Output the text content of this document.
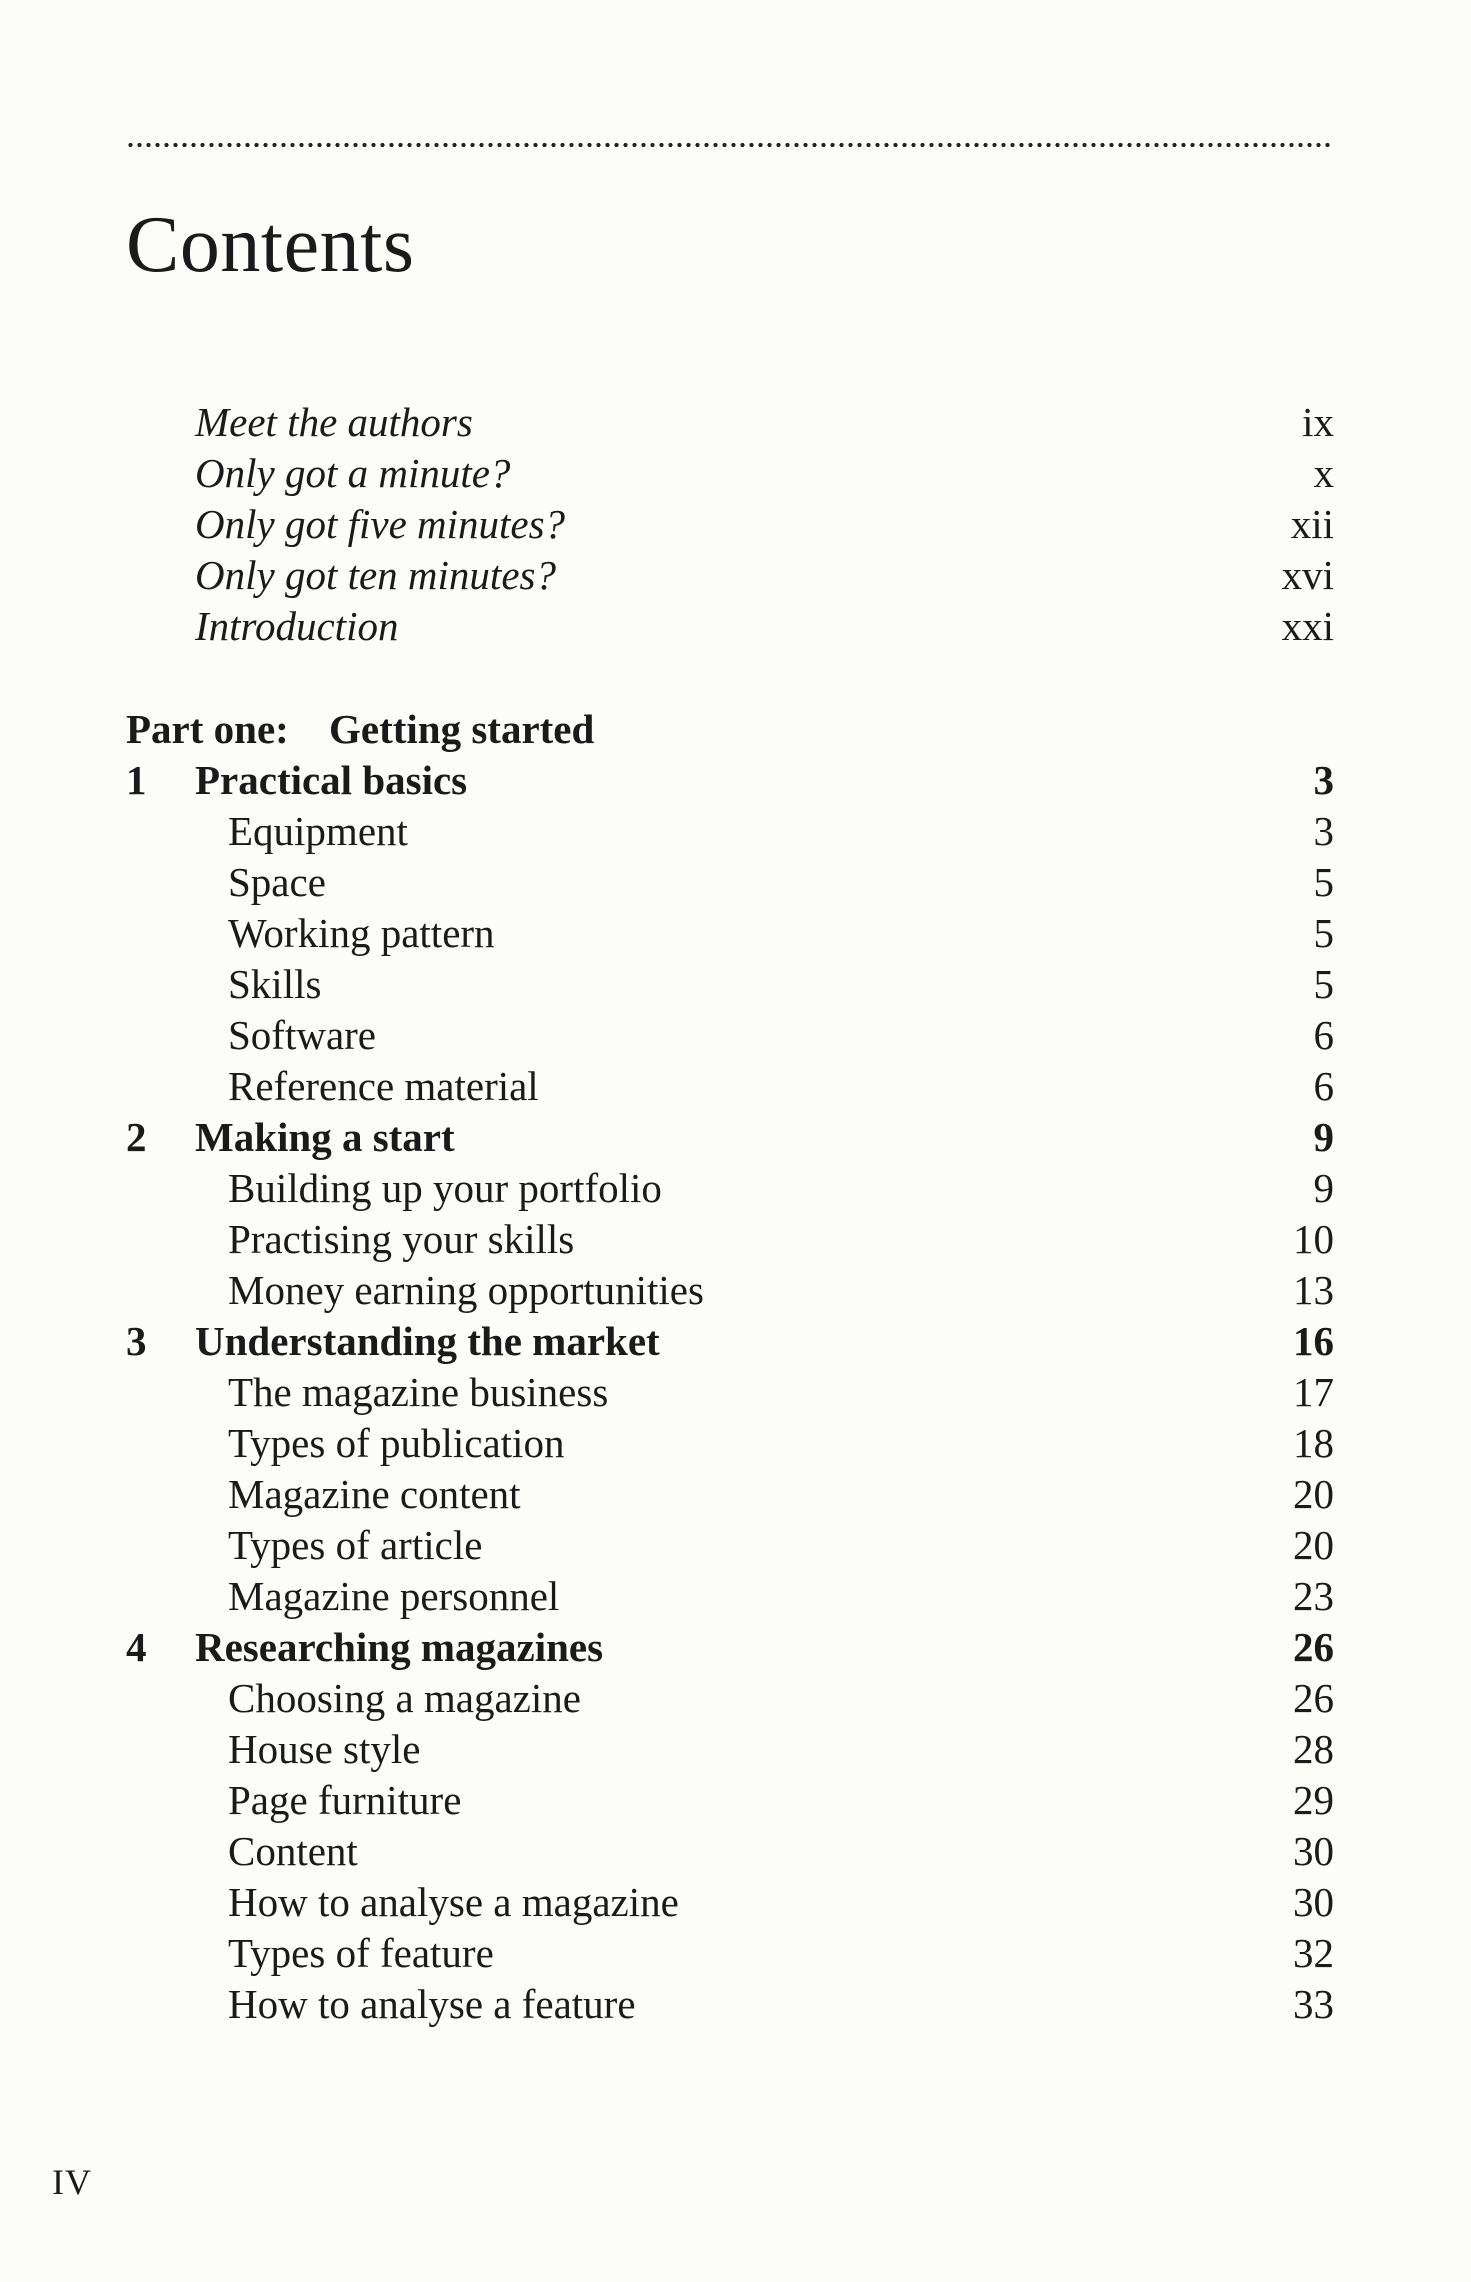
Contents
Meet the authors	ix
Only got a minute?	x
Only got five minutes?	xii
Only got ten minutes?	xvi
Introduction	xxi
Part one: Getting started
1 Practical basics	3
Equipment	3
Space	5
Working pattern	5
Skills	5
Software	6
Reference material	6
2 Making a start	9
Building up your portfolio	9
Practising your skills	10
Money earning opportunities	13
3 Understanding the market	16
The magazine business	17
Types of publication	18
Magazine content	20
Types of article	20
Magazine personnel	23
4 Researching magazines	26
Choosing a magazine	26
House style	28
Page furniture	29
Content	30
How to analyse a magazine	30
Types of feature	32
How to analyse a feature	33
IV
